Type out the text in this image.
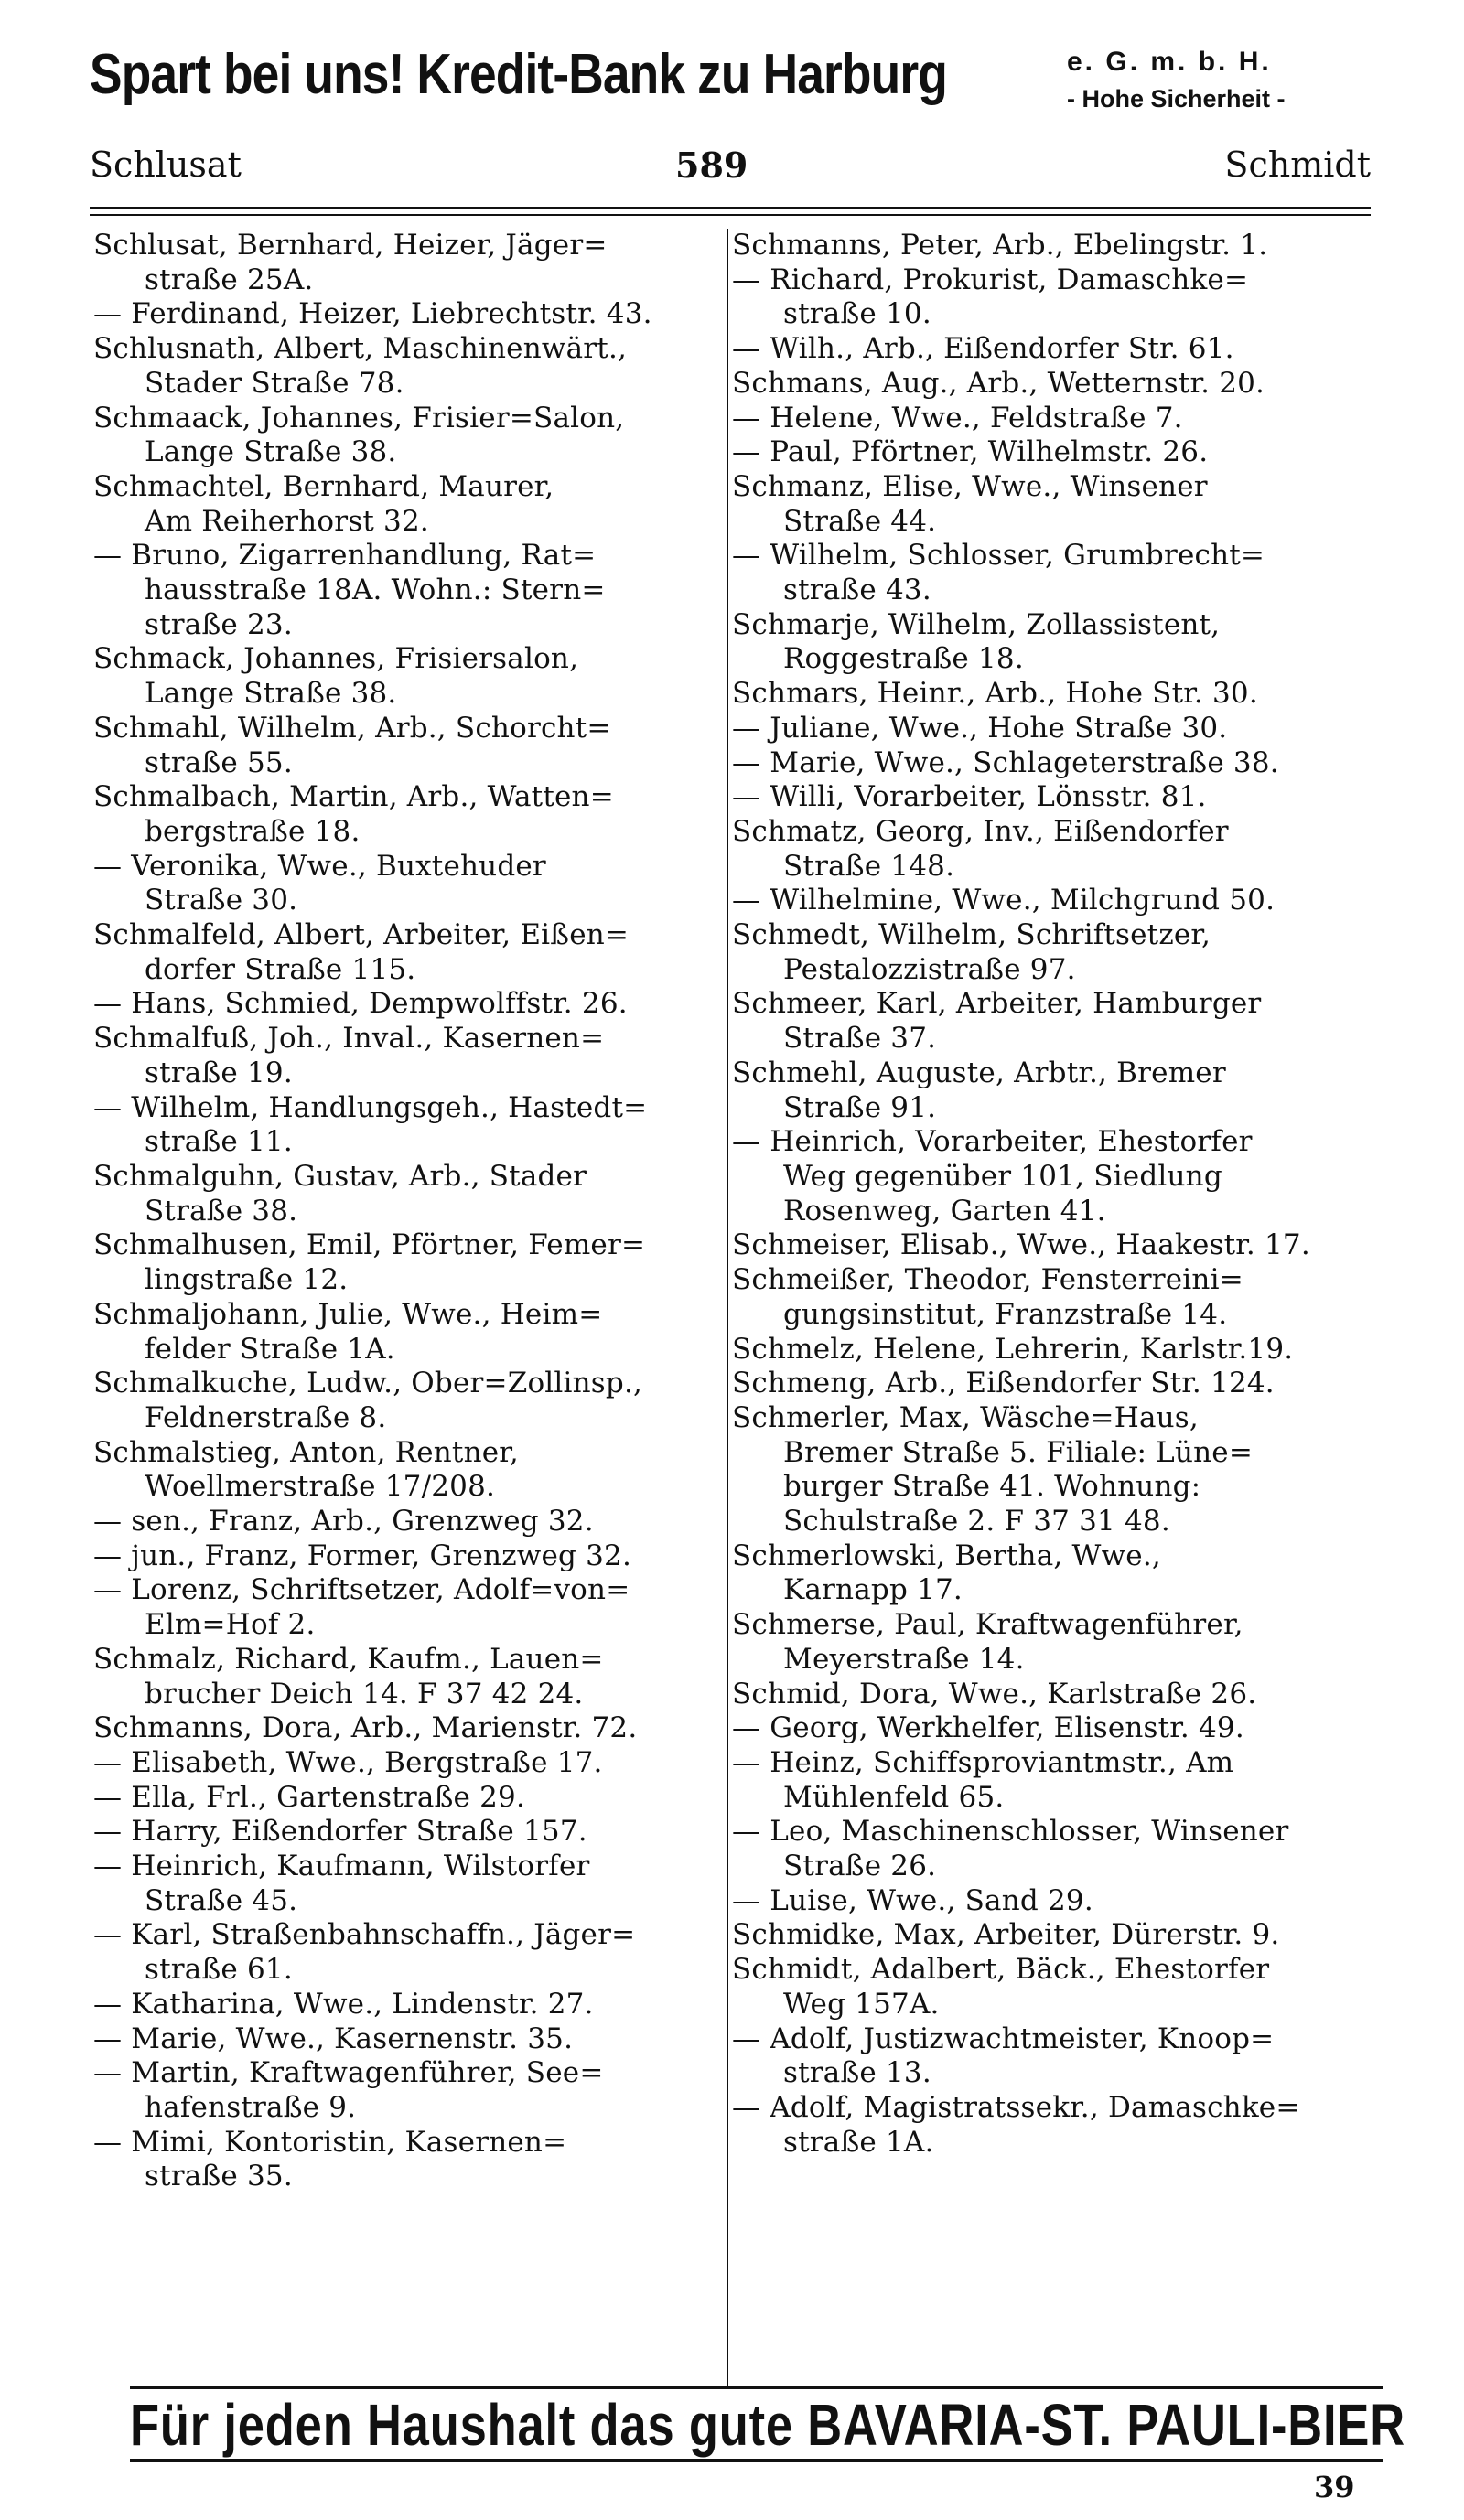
Spart bei uns! Kredit-Bank zu Harburg	e. G. m. b. H.
- Hohe Sicherheit -
Schlusat	589	Schmidt
Schlusat, Bernhard, Heizer, Jäger=
straße 25A.
— Ferdinand, Heizer, Liebrechtstr. 43.
Schlusnath, Albert, Maschinenwärt.,
Stader Straße 78.
Schmaack, Johannes, Frisier=Salon,
Lange Straße 38.
Schmachtel, Bernhard, Maurer,
Am Reiherhorst 32.
— Bruno, Zigarrenhandlung, Rat=
hausstraße 18A. Wohn.: Stern=
straße 23.
Schmack, Johannes, Frisiersalon,
Lange Straße 38.
Schmahl, Wilhelm, Arb., Schorcht=
straße 55.
Schmalbach, Martin, Arb., Watten=
bergstraße 18.
— Veronika, Wwe., Buxtehuder
Straße 30.
Schmalfeld, Albert, Arbeiter, Eißen=
dorfer Straße 115.
— Hans, Schmied, Dempwolffstr. 26.
Schmalfuß, Joh., Inval., Kasernen=
straße 19.
— Wilhelm, Handlungsgeh., Hastedt=
straße 11.
Schmalguhn, Gustav, Arb., Stader
Straße 38.
Schmalhusen, Emil, Pförtner, Femer=
lingstraße 12.
Schmaljohann, Julie, Wwe., Heim=
felder Straße 1A.
Schmalkuche, Ludw., Ober=Zollinsp.,
Feldnerstraße 8.
Schmalstieg, Anton, Rentner,
Woellmerstraße 17/208.
— sen., Franz, Arb., Grenzweg 32.
— jun., Franz, Former, Grenzweg 32.
— Lorenz, Schriftsetzer, Adolf=von=
Elm=Hof 2.
Schmalz, Richard, Kaufm., Lauen=
brucher Deich 14. F 37 42 24.
Schmanns, Dora, Arb., Marienstr. 72.
— Elisabeth, Wwe., Bergstraße 17.
— Ella, Frl., Gartenstraße 29.
— Harry, Eißendorfer Straße 157.
— Heinrich, Kaufmann, Wilstorfer
Straße 45.
— Karl, Straßenbahnschaffn., Jäger=
straße 61.
— Katharina, Wwe., Lindenstr. 27.
— Marie, Wwe., Kasernenstr. 35.
— Martin, Kraftwagenführer, See=
hafenstraße 9.
— Mimi, Kontoristin, Kasernen=
straße 35.
Schmanns, Peter, Arb., Ebelingstr. 1.
— Richard, Prokurist, Damaschke=
straße 10.
— Wilh., Arb., Eißendorfer Str. 61.
Schmans, Aug., Arb., Wetternstr. 20.
— Helene, Wwe., Feldstraße 7.
— Paul, Pförtner, Wilhelmstr. 26.
Schmanz, Elise, Wwe., Winsener
Straße 44.
— Wilhelm, Schlosser, Grumbrecht=
straße 43.
Schmarje, Wilhelm, Zollassistent,
Roggestraße 18.
Schmars, Heinr., Arb., Hohe Str. 30.
— Juliane, Wwe., Hohe Straße 30.
— Marie, Wwe., Schlageterstraße 38.
— Willi, Vorarbeiter, Lönsstr. 81.
Schmatz, Georg, Inv., Eißendorfer
Straße 148.
— Wilhelmine, Wwe., Milchgrund 50.
Schmedt, Wilhelm, Schriftsetzer,
Pestalozzistraße 97.
Schmeer, Karl, Arbeiter, Hamburger
Straße 37.
Schmehl, Auguste, Arbtr., Bremer
Straße 91.
— Heinrich, Vorarbeiter, Ehestorfer
Weg gegenüber 101, Siedlung
Rosenweg, Garten 41.
Schmeiser, Elisab., Wwe., Haakestr. 17.
Schmeißer, Theodor, Fensterreini=
gungsinstitut, Franzstraße 14.
Schmelz, Helene, Lehrerin, Karlstr.19.
Schmeng, Arb., Eißendorfer Str. 124.
Schmerler, Max, Wäsche=Haus,
Bremer Straße 5. Filiale: Lüne=
burger Straße 41. Wohnung:
Schulstraße 2. F 37 31 48.
Schmerlowski, Bertha, Wwe.,
Karnapp 17.
Schmerse, Paul, Kraftwagenführer,
Meyerstraße 14.
Schmid, Dora, Wwe., Karlstraße 26.
— Georg, Werkhelfer, Elisenstr. 49.
— Heinz, Schiffsproviantmstr., Am
Mühlenfeld 65.
— Leo, Maschinenschlosser, Winsener
Straße 26.
— Luise, Wwe., Sand 29.
Schmidke, Max, Arbeiter, Dürerstr. 9.
Schmidt, Adalbert, Bäck., Ehestorfer
Weg 157A.
— Adolf, Justizwachtmeister, Knoop=
straße 13.
— Adolf, Magistratssekr., Damaschke=
straße 1A.
Für jeden Haushalt das gute BAVARIA-ST. PAULI-BIER
39
